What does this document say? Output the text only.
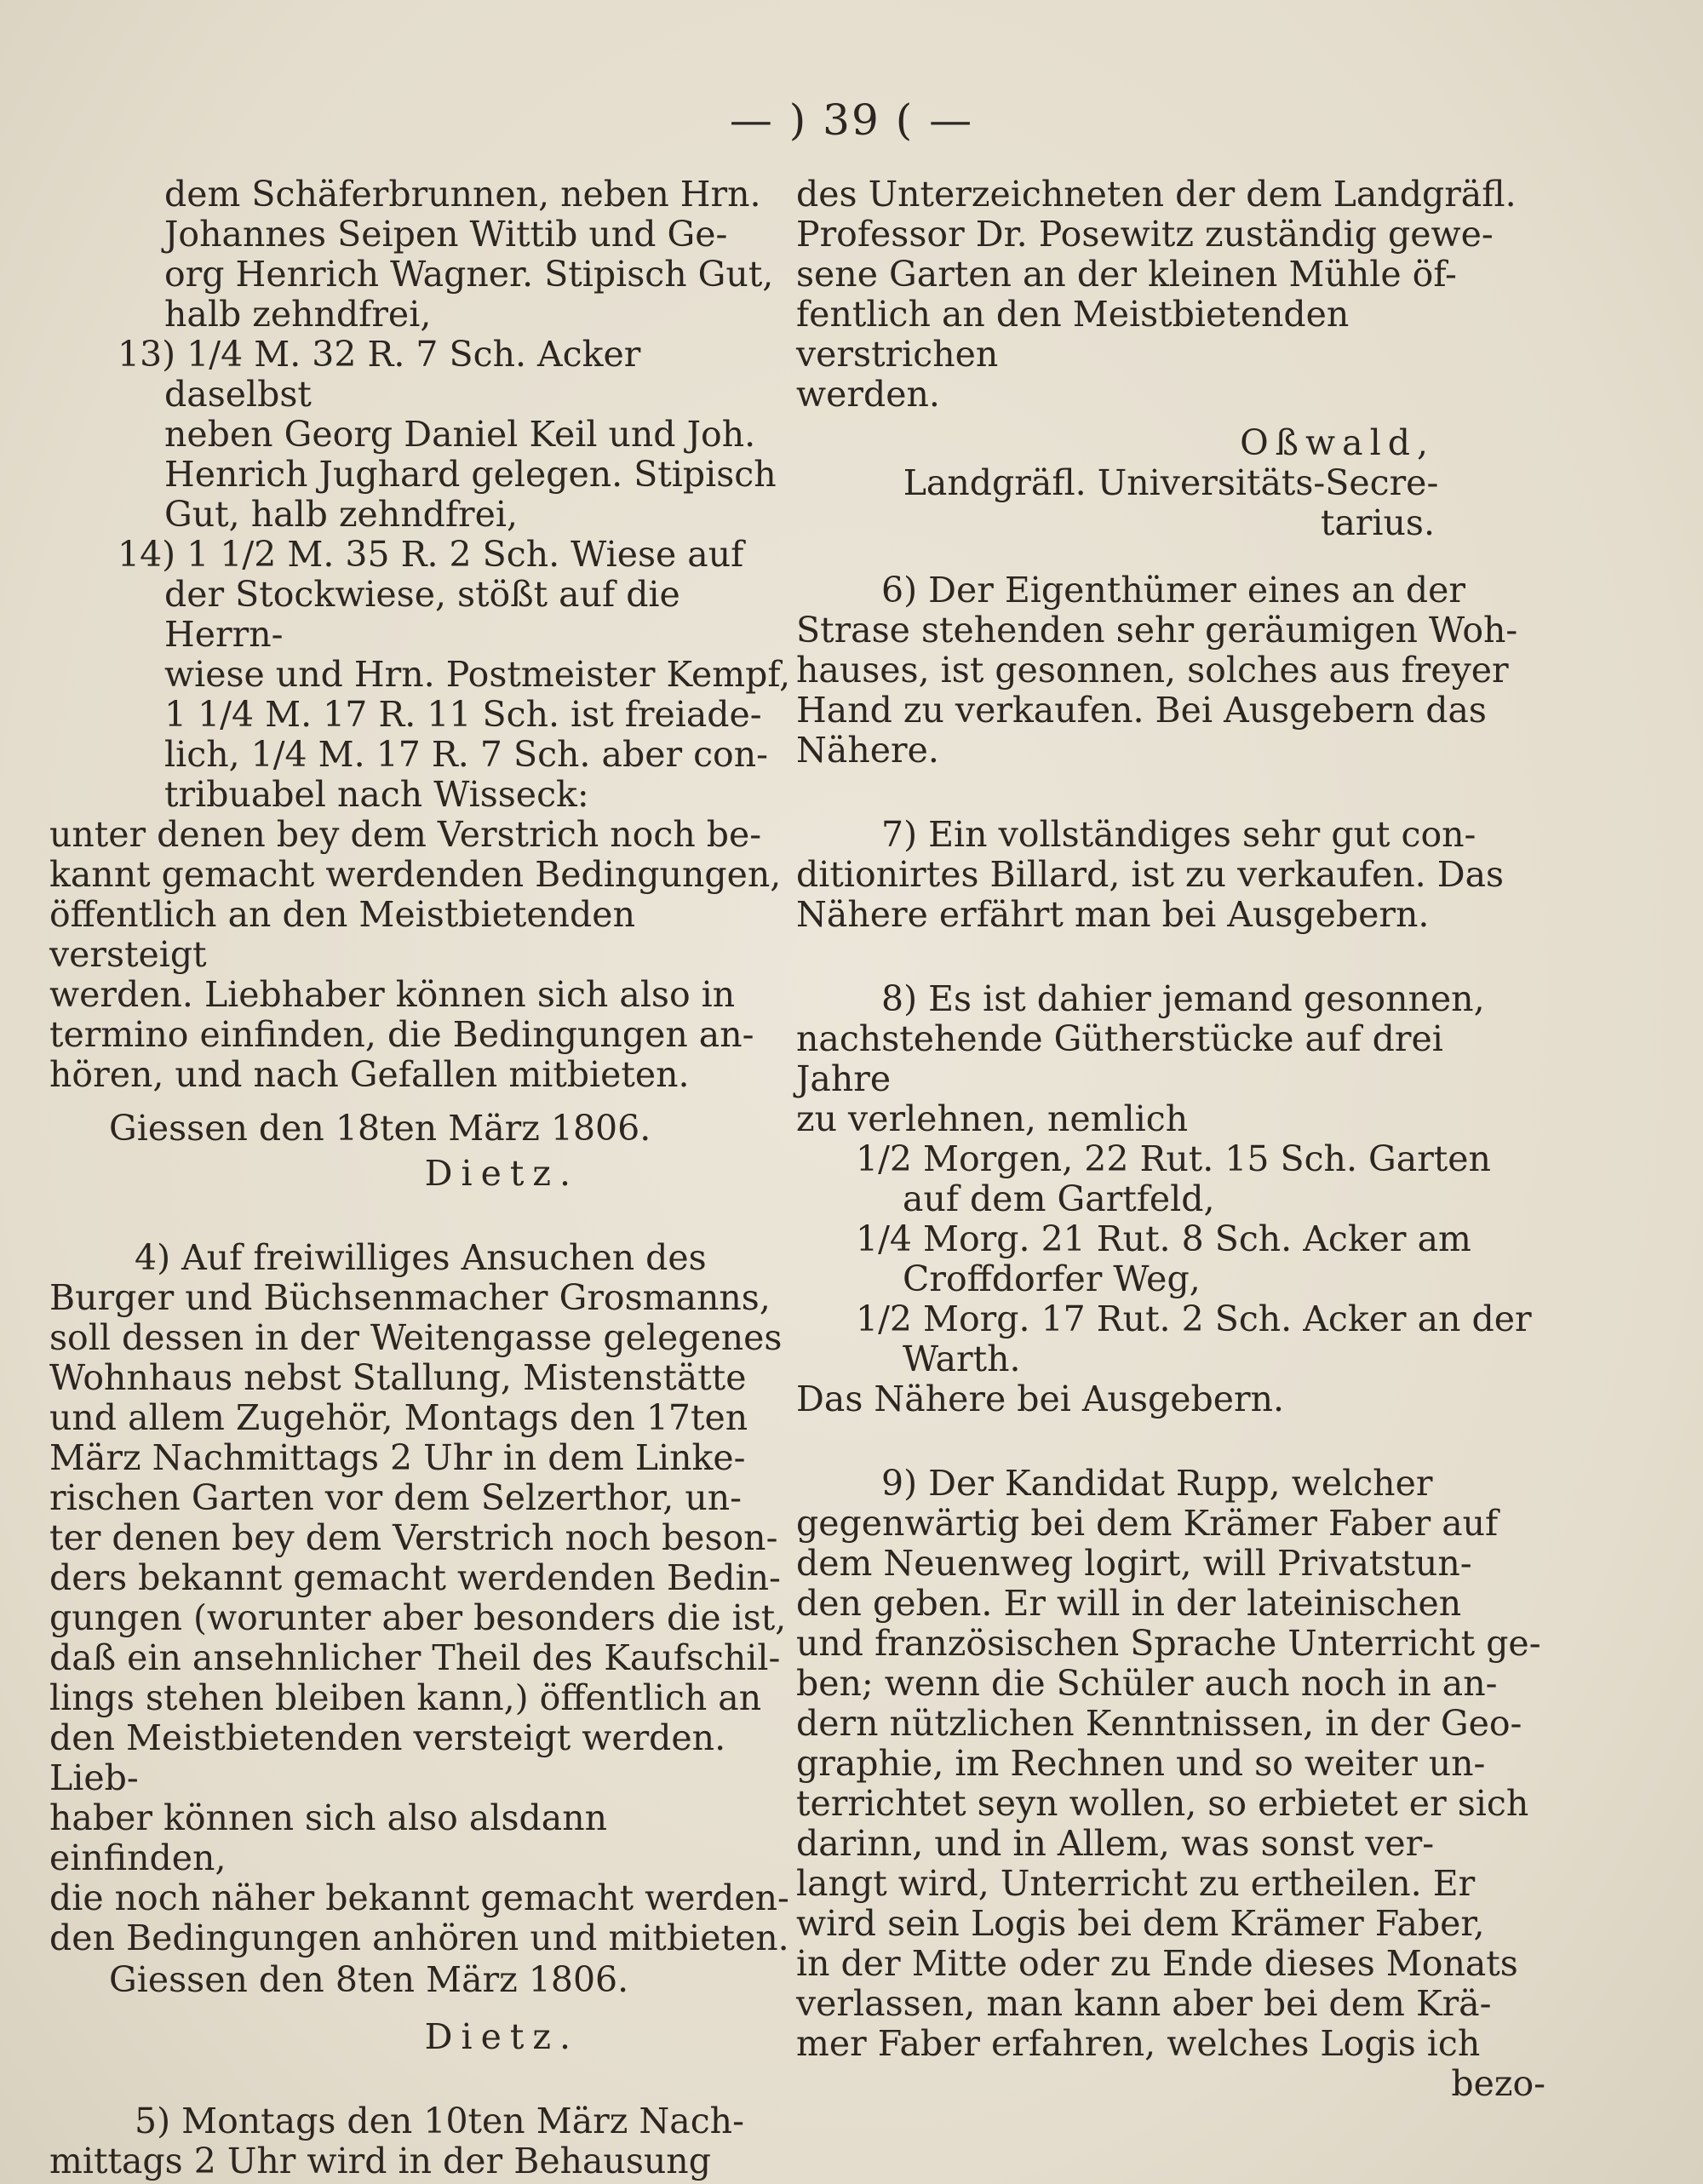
— ) 39 ( —

dem Schäferbrunnen, neben Hrn.

Johannes Seipen Wittib und Ge-

org Henrich Wagner. Stipisch Gut,

halb zehndfrei,

13) 1/4 M. 32 R. 7 Sch. Acker daselbst

neben Georg Daniel Keil und Joh.

Henrich Jughard gelegen. Stipisch

Gut, halb zehndfrei,

14) 1 1/2 M. 35 R. 2 Sch. Wiese auf

der Stockwiese, stößt auf die Herrn-

wiese und Hrn. Postmeister Kempf,

1 1/4 M. 17 R. 11 Sch. ist freiade-

lich, 1/4 M. 17 R. 7 Sch. aber con-

tribuabel nach Wisseck:

unter denen bey dem Verstrich noch be-

kannt gemacht werdenden Bedingungen,

öffentlich an den Meistbietenden versteigt

werden. Liebhaber können sich also in

termino einfinden, die Bedingungen an-

hören, und nach Gefallen mitbieten.

Giessen den 18ten März 1806.

Dietz.

4) Auf freiwilliges Ansuchen des

Burger und Büchsenmacher Grosmanns,

soll dessen in der Weitengasse gelegenes

Wohnhaus nebst Stallung, Mistenstätte

und allem Zugehör, Montags den 17ten

März Nachmittags 2 Uhr in dem Linke-

rischen Garten vor dem Selzerthor, un-

ter denen bey dem Verstrich noch beson-

ders bekannt gemacht werdenden Bedin-

gungen (worunter aber besonders die ist,

daß ein ansehnlicher Theil des Kaufschil-

lings stehen bleiben kann,) öffentlich an

den Meistbietenden versteigt werden. Lieb-

haber können sich also alsdann einfinden,

die noch näher bekannt gemacht werden-

den Bedingungen anhören und mitbieten.

Giessen den 8ten März 1806.

Dietz.

5) Montags den 10ten März Nach-

mittags 2 Uhr wird in der Behausung

des Unterzeichneten der dem Landgräfl.

Professor Dr. Posewitz zuständig gewe-

sene Garten an der kleinen Mühle öf-

fentlich an den Meistbietenden verstrichen

werden.

Oßwald,

Landgräfl. Universitäts-Secre-

tarius.

6) Der Eigenthümer eines an der

Strase stehenden sehr geräumigen Woh-

hauses, ist gesonnen, solches aus freyer

Hand zu verkaufen. Bei Ausgebern das

Nähere.

7) Ein vollständiges sehr gut con-

ditionirtes Billard, ist zu verkaufen. Das

Nähere erfährt man bei Ausgebern.

8) Es ist dahier jemand gesonnen,

nachstehende Gütherstücke auf drei Jahre

zu verlehnen, nemlich

1/2 Morgen, 22 Rut. 15 Sch. Garten

auf dem Gartfeld,

1/4 Morg. 21 Rut. 8 Sch. Acker am

Croffdorfer Weg,

1/2 Morg. 17 Rut. 2 Sch. Acker an der

Warth.

Das Nähere bei Ausgebern.

9) Der Kandidat Rupp, welcher

gegenwärtig bei dem Krämer Faber auf

dem Neuenweg logirt, will Privatstun-

den geben. Er will in der lateinischen

und französischen Sprache Unterricht ge-

ben; wenn die Schüler auch noch in an-

dern nützlichen Kenntnissen, in der Geo-

graphie, im Rechnen und so weiter un-

terrichtet seyn wollen, so erbietet er sich

darinn, und in Allem, was sonst ver-

langt wird, Unterricht zu ertheilen. Er

wird sein Logis bei dem Krämer Faber,

in der Mitte oder zu Ende dieses Monats

verlassen, man kann aber bei dem Krä-

mer Faber erfahren, welches Logis ich

bezo-
